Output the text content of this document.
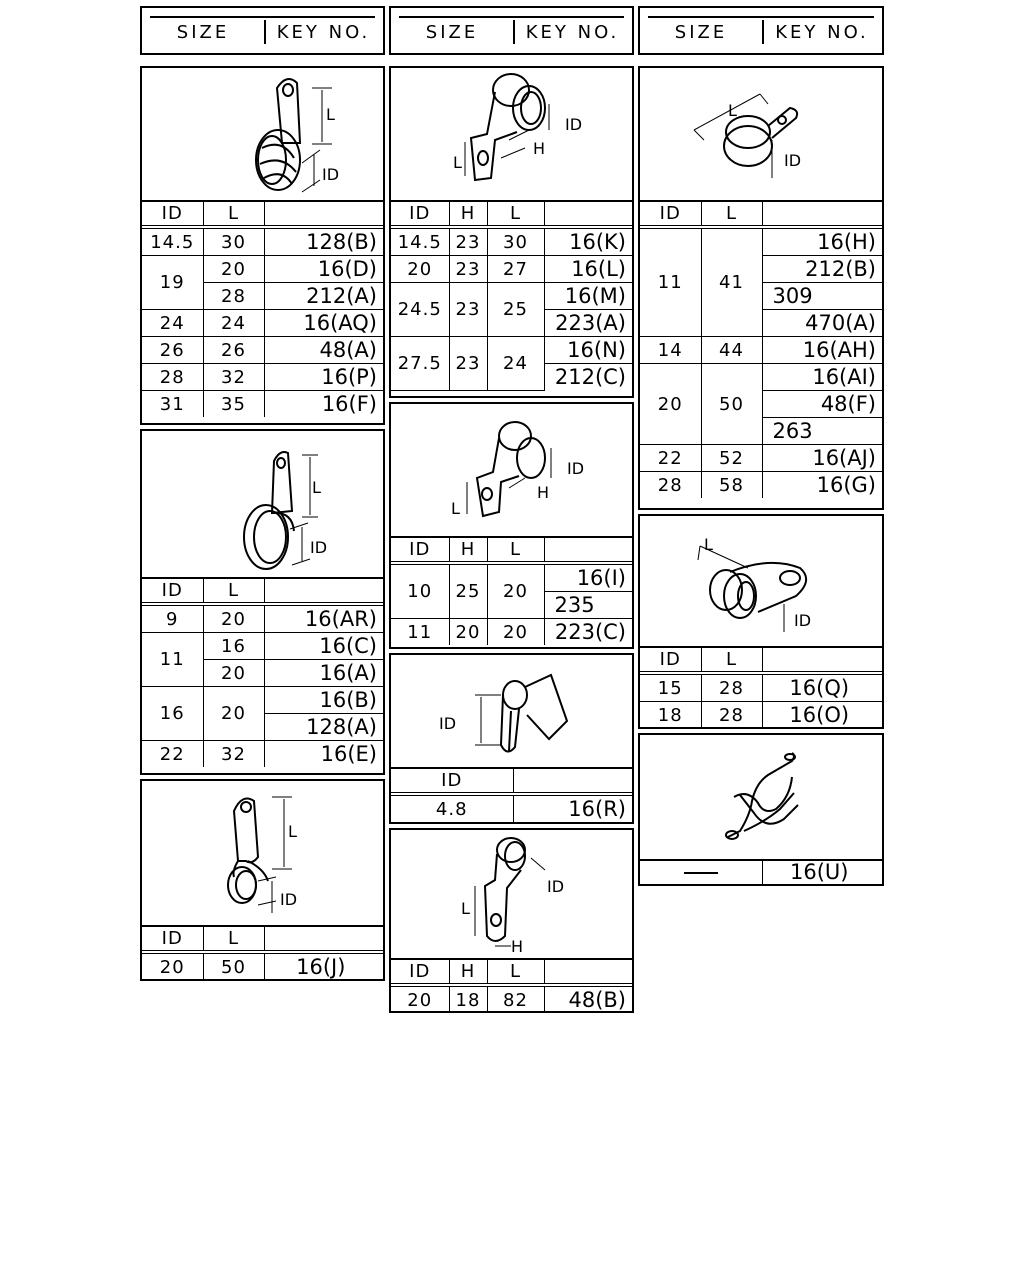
SIZE	KEY NO.	SIZE	KEY NO.	SIZE	KEY NO.
L
ID
ID	L	
14.5	30	128(B)
19	20	16(D)
	28	212(A)
24	24	16(AQ)
26	26	48(A)
28	32	16(P)
31	35	16(F)
L
ID
ID	L	
9	20	16(AR)
11	16	16(C)
	20	16(A)
16	20	16(B)
		128(A)
22	32	16(E)
L
ID
ID	L	
20	50	16(J)
L
H
ID
ID	H	L	
14.5	23	30	16(K)
20	23	27	16(L)
24.5	23	25	16(M)
			223(A)
27.5	23	24	16(N)
			212(C)
L
H
ID
ID	H	L	
10	25	20	16(I)
			235
11	20	20	223(C)
ID
ID	
4.8	16(R)
L
H
ID
ID	H	L	
20	18	82	48(B)
L
ID
ID	L	
11	41	16(H)
		212(B)
		309
		470(A)
14	44	16(AH)
20	50	16(AI)
		48(F)
		263
22	52	16(AJ)
28	58	16(G)
L
ID
ID	L	
15	28	16(Q)
18	28	16(O)
	16(U)
